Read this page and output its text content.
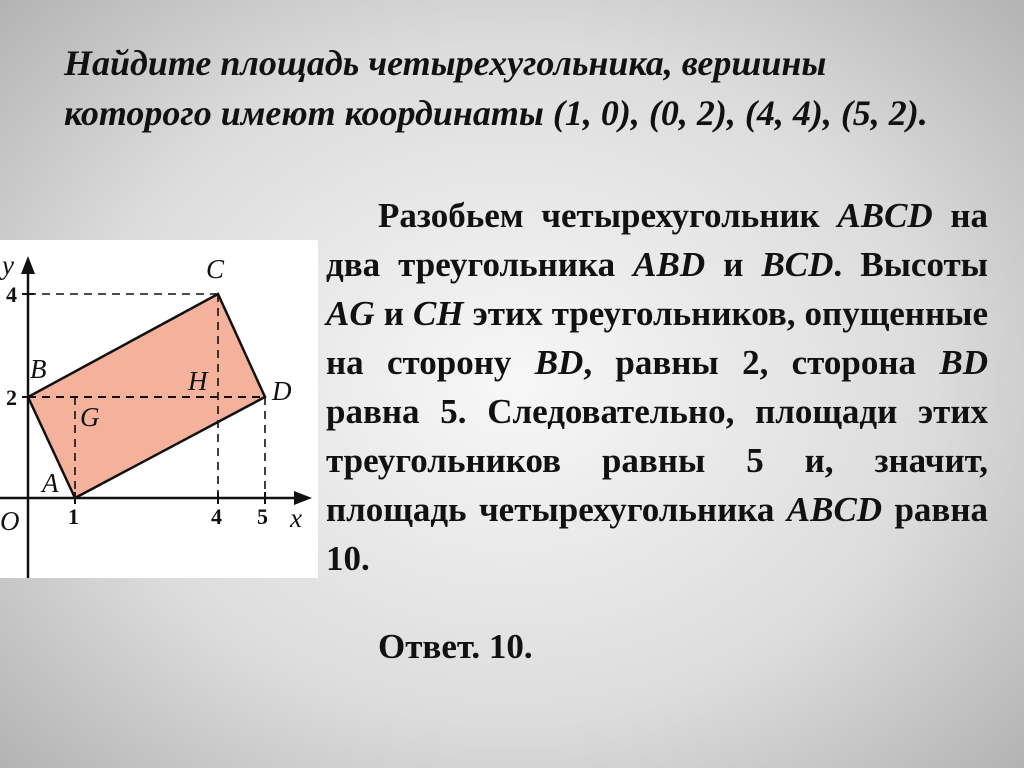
Найдите площадь четырехугольника, вершины которого имеют координаты (1, 0), (0, 2), (4, 4), (5, 2).

x
y
O 1	4 5
2
4
A
B
C
D
G
H

Разобьем четырехугольник ABCD на два треугольника ABD и BCD. Высоты AG и CH этих треугольников, опущенные на сторону BD, равны 2, сторона BD равна 5. Следовательно, площади этих треугольников равны 5 и, значит, площадь четырехугольника ABCD равна 10.

Ответ. 10.
